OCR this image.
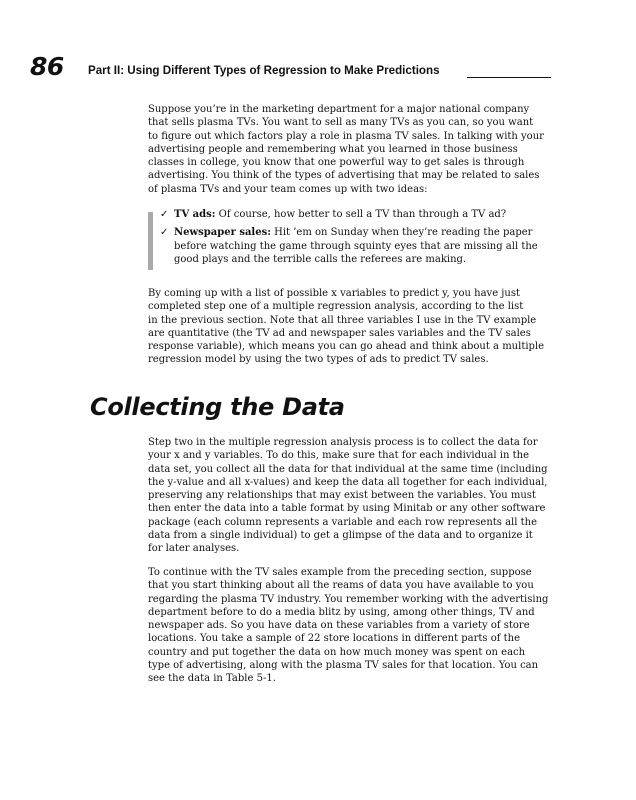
86 Part II: Using Different Types of Regression to Make Predictions

Suppose you’re in the marketing department for a major national company
that sells plasma TVs. You want to sell as many TVs as you can, so you want
to figure out which factors play a role in plasma TV sales. In talking with your
advertising people and remembering what you learned in those business
classes in college, you know that one powerful way to get sales is through
advertising. You think of the types of advertising that may be related to sales
of plasma TVs and your team comes up with two ideas:

✓ TV ads: Of course, how better to sell a TV than through a TV ad?
✓ Newspaper sales: Hit ’em on Sunday when they’re reading the paper
before watching the game through squinty eyes that are missing all the
good plays and the terrible calls the referees are making.

By coming up with a list of possible x variables to predict y, you have just
completed step one of a multiple regression analysis, according to the list
in the previous section. Note that all three variables I use in the TV example
are quantitative (the TV ad and newspaper sales variables and the TV sales
response variable), which means you can go ahead and think about a multiple
regression model by using the two types of ads to predict TV sales.

Collecting the Data

Step two in the multiple regression analysis process is to collect the data for
your x and y variables. To do this, make sure that for each individual in the
data set, you collect all the data for that individual at the same time (including
the y-value and all x-values) and keep the data all together for each individual,
preserving any relationships that may exist between the variables. You must
then enter the data into a table format by using Minitab or any other software
package (each column represents a variable and each row represents all the
data from a single individual) to get a glimpse of the data and to organize it
for later analyses.

To continue with the TV sales example from the preceding section, suppose
that you start thinking about all the reams of data you have available to you
regarding the plasma TV industry. You remember working with the advertising
department before to do a media blitz by using, among other things, TV and
newspaper ads. So you have data on these variables from a variety of store
locations. You take a sample of 22 store locations in different parts of the
country and put together the data on how much money was spent on each
type of advertising, along with the plasma TV sales for that location. You can
see the data in Table 5-1.
